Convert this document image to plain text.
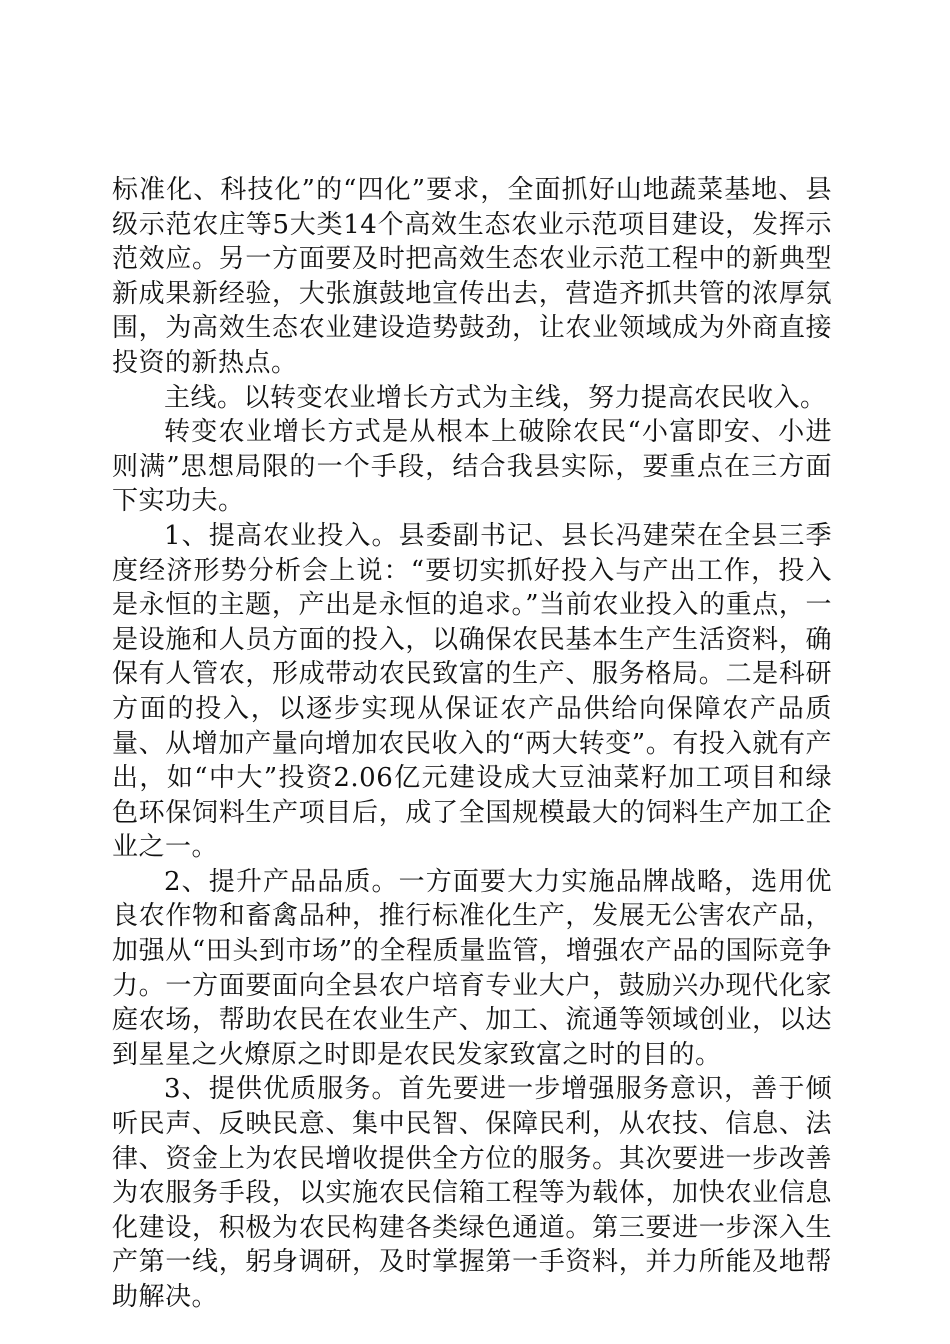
标准化、科技化”的“四化”要求，全面抓好山地蔬菜基地、县级示范农庄等5大类14个高效生态农业示范项目建设，发挥示范效应。另一方面要及时把高效生态农业示范工程中的新典型新成果新经验，大张旗鼓地宣传出去，营造齐抓共管的浓厚氛围，为高效生态农业建设造势鼓劲，让农业领域成为外商直接投资的新热点。

主线。以转变农业增长方式为主线，努力提高农民收入。

转变农业增长方式是从根本上破除农民“小富即安、小进则满”思想局限的一个手段，结合我县实际，要重点在三方面下实功夫。

1、提高农业投入。县委副书记、县长冯建荣在全县三季度经济形势分析会上说：“要切实抓好投入与产出工作，投入是永恒的主题，产出是永恒的追求。”当前农业投入的重点，一是设施和人员方面的投入，以确保农民基本生产生活资料，确保有人管农，形成带动农民致富的生产、服务格局。二是科研方面的投入，以逐步实现从保证农产品供给向保障农产品质量、从增加产量向增加农民收入的“两大转变”。有投入就有产出，如“中大”投资2.06亿元建设成大豆油菜籽加工项目和绿色环保饲料生产项目后，成了全国规模最大的饲料生产加工企业之一。

2、提升产品品质。一方面要大力实施品牌战略，选用优良农作物和畜禽品种，推行标准化生产，发展无公害农产品，加强从“田头到市场”的全程质量监管，增强农产品的国际竞争力。一方面要面向全县农户培育专业大户，鼓励兴办现代化家庭农场，帮助农民在农业生产、加工、流通等领域创业，以达到星星之火燎原之时即是农民发家致富之时的目的。

3、提供优质服务。首先要进一步增强服务意识，善于倾听民声、反映民意、集中民智、保障民利，从农技、信息、法律、资金上为农民增收提供全方位的服务。其次要进一步改善为农服务手段，以实施农民信箱工程等为载体，加快农业信息化建设，积极为农民构建各类绿色通道。第三要进一步深入生产第一线，躬身调研，及时掌握第一手资料，并力所能及地帮助解决。
